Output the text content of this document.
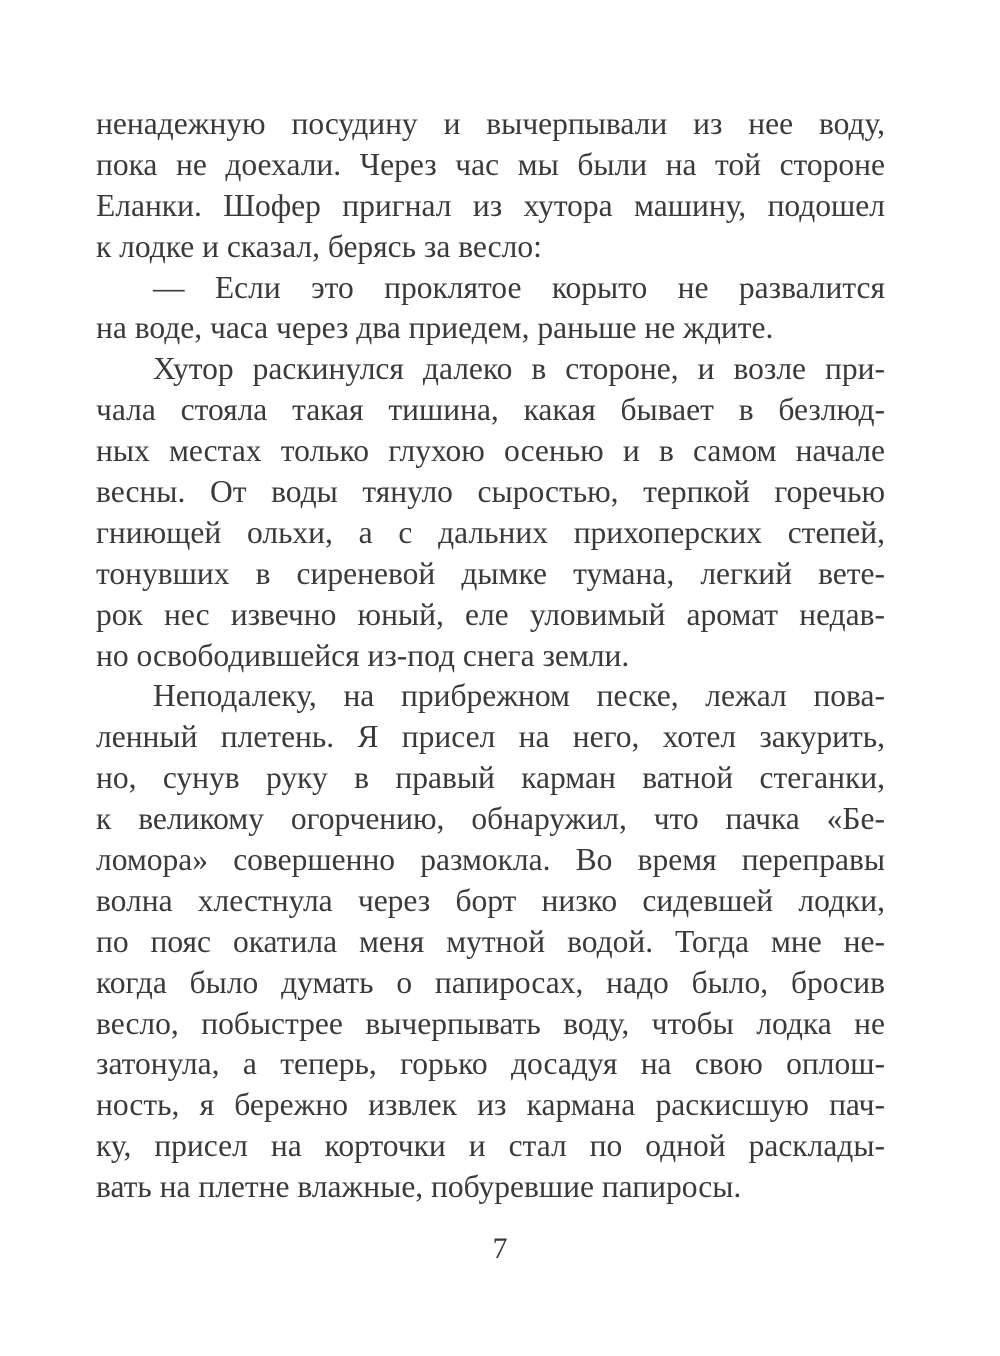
ненадежную посудину и вычерпывали из нее воду,
пока не доехали. Через час мы были на той стороне
Еланки. Шофер пригнал из хутора машину, подошел
к лодке и сказал, берясь за весло:
— Если это проклятое корыто не развалится
на воде, часа через два приедем, раньше не ждите.
Хутор раскинулся далеко в стороне, и возле при-
чала стояла такая тишина, какая бывает в безлюд-
ных местах только глухою осенью и в самом начале
весны. От воды тянуло сыростью, терпкой горечью
гниющей ольхи, а с дальних прихоперских степей,
тонувших в сиреневой дымке тумана, легкий вете-
рок нес извечно юный, еле уловимый аромат недав-
но освободившейся из-под снега земли.
Неподалеку, на прибрежном песке, лежал пова-
ленный плетень. Я присел на него, хотел закурить,
но, сунув руку в правый карман ватной стеганки,
к великому огорчению, обнаружил, что пачка «Бе-
ломора» совершенно размокла. Во время переправы
волна хлестнула через борт низко сидевшей лодки,
по пояс окатила меня мутной водой. Тогда мне не-
когда было думать о папиросах, надо было, бросив
весло, побыстрее вычерпывать воду, чтобы лодка не
затонула, а теперь, горько досадуя на свою оплош-
ность, я бережно извлек из кармана раскисшую пач-
ку, присел на корточки и стал по одной расклады-
вать на плетне влажные, побуревшие папиросы.
7
